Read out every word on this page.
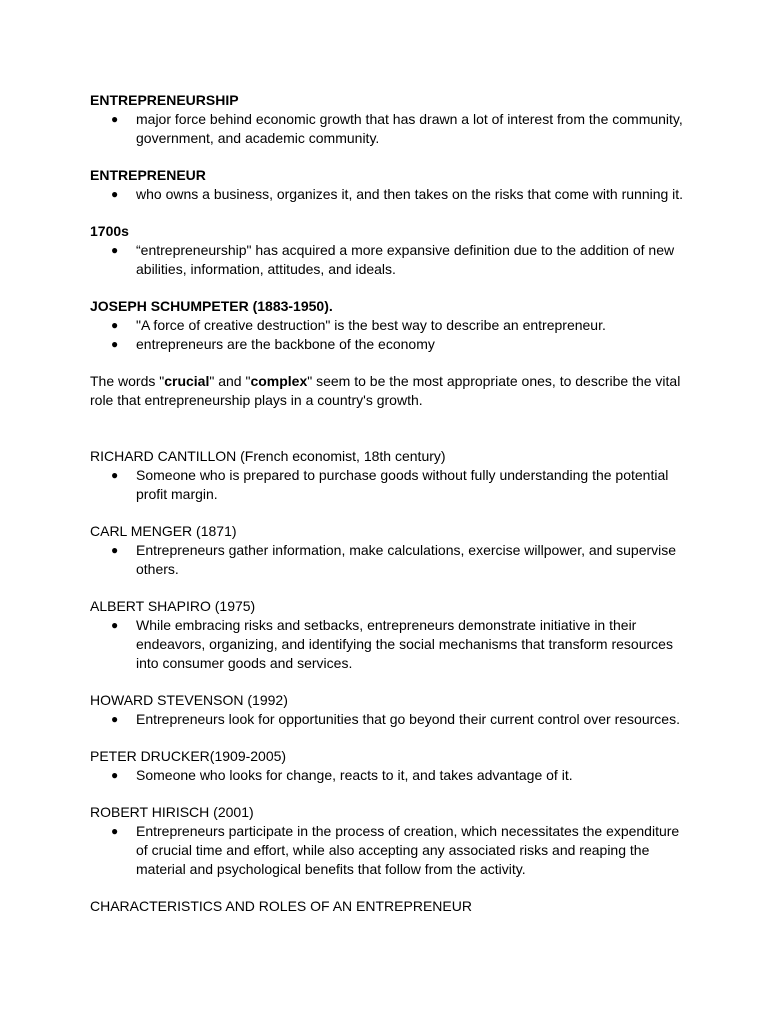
ENTREPRENEURSHIP

● major force behind economic growth that has drawn a lot of interest from the community, government, and academic community.

ENTREPRENEUR

● who owns a business, organizes it, and then takes on the risks that come with running it.

1700s

● “entrepreneurship" has acquired a more expansive definition due to the addition of new abilities, information, attitudes, and ideals.

JOSEPH SCHUMPETER (1883-1950).

● "A force of creative destruction" is the best way to describe an entrepreneur.
● entrepreneurs are the backbone of the economy

The words "crucial" and "complex" seem to be the most appropriate ones, to describe the vital role that entrepreneurship plays in a country's growth.

RICHARD CANTILLON (French economist, 18th century)

● Someone who is prepared to purchase goods without fully understanding the potential profit margin.

CARL MENGER (1871)

● Entrepreneurs gather information, make calculations, exercise willpower, and supervise others.

ALBERT SHAPIRO (1975)

● While embracing risks and setbacks, entrepreneurs demonstrate initiative in their endeavors, organizing, and identifying the social mechanisms that transform resources into consumer goods and services.

HOWARD STEVENSON (1992)

● Entrepreneurs look for opportunities that go beyond their current control over resources.

PETER DRUCKER(1909-2005)

● Someone who looks for change, reacts to it, and takes advantage of it.

ROBERT HIRISCH (2001)

● Entrepreneurs participate in the process of creation, which necessitates the expenditure of crucial time and effort, while also accepting any associated risks and reaping the material and psychological benefits that follow from the activity.

CHARACTERISTICS AND ROLES OF AN ENTREPRENEUR
